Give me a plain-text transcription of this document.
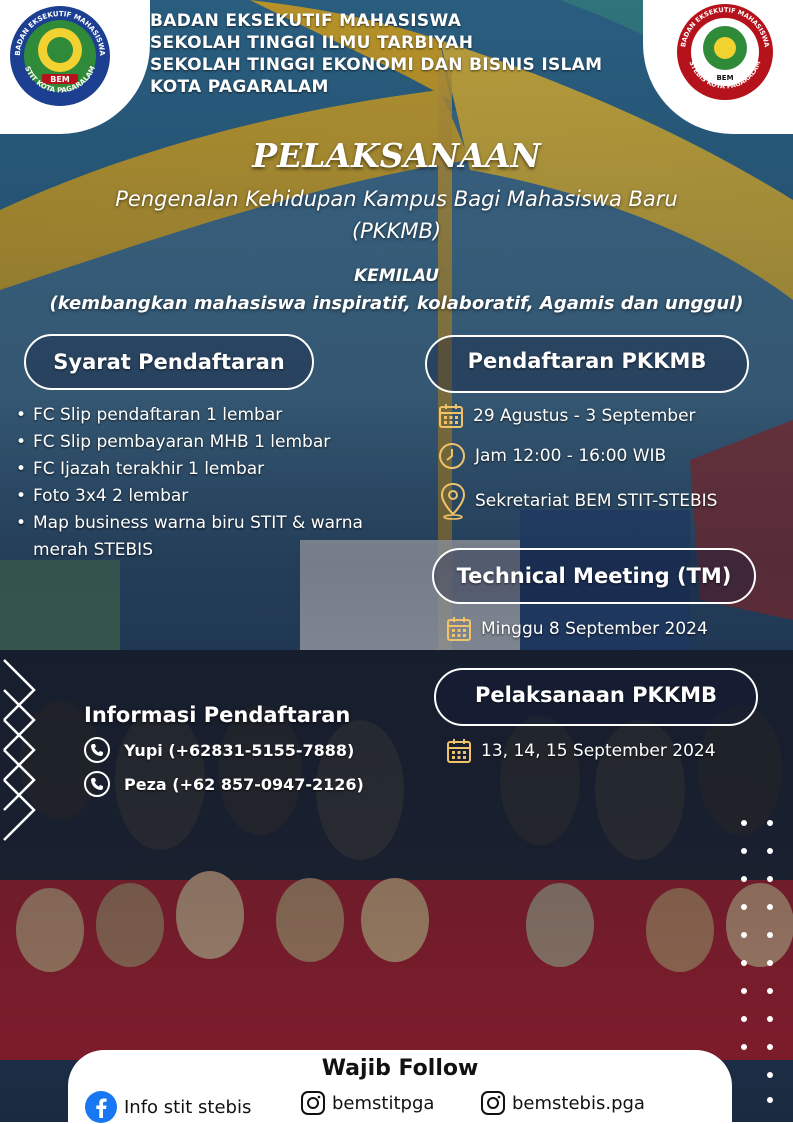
BADAN EKSEKUTIF MAHASISWA
STIT KOTA PAGARALAM
BEM
BADAN EKSEKUTIF MAHASISWA
STEBIS KOTA PAGARALAM
BEM
BADAN EKSEKUTIF MAHASISWA
SEKOLAH TINGGI ILMU TARBIYAH
SEKOLAH TINGGI EKONOMI DAN BISNIS ISLAM
KOTA PAGARALAM
PELAKSANAAN
Pengenalan Kehidupan Kampus Bagi Mahasiswa Baru
(PKKMB)
KEMILAU
(kembangkan mahasiswa inspiratif, kolaboratif, Agamis dan unggul)
Syarat Pendaftaran
• FC Slip pendaftaran 1 lembar
• FC Slip pembayaran MHB 1 lembar
• FC Ijazah terakhir 1 lembar
• Foto 3x4 2 lembar
• Map business warna biru STIT & warna merah STEBIS
Pendaftaran PKKMB
29 Agustus - 3 September
Jam 12:00 - 16:00 WIB
Sekretariat BEM STIT-STEBIS
Technical Meeting (TM)
Minggu 8 September 2024
Pelaksanaan PKKMB
13, 14, 15 September 2024
Informasi Pendaftaran
Yupi (+62831-5155-7888)
Peza (+62 857-0947-2126)
Wajib Follow
Info stit stebis	bemstitpga	bemstebis.pga
